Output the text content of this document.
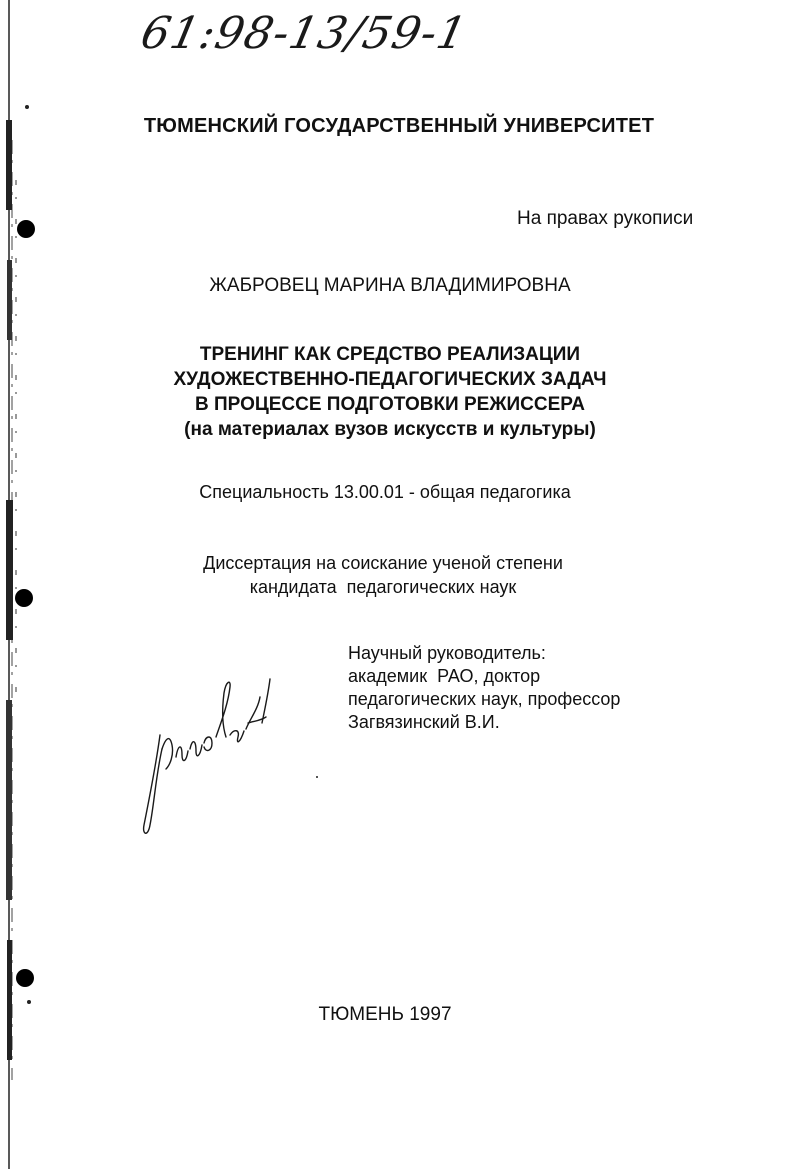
61:98-13/59-1
ТЮМЕНСКИЙ ГОСУДАРСТВЕННЫЙ УНИВЕРСИТЕТ
На правах рукописи
ЖАБРОВЕЦ МАРИНА ВЛАДИМИРОВНА
ТРЕНИНГ КАК СРЕДСТВО РЕАЛИЗАЦИИ
ХУДОЖЕСТВЕННО-ПЕДАГОГИЧЕСКИХ ЗАДАЧ
В ПРОЦЕССЕ ПОДГОТОВКИ РЕЖИССЕРА
(на материалах вузов искусств и культуры)
Специальность 13.00.01 - общая педагогика
Диссертация на соискание ученой степени
кандидата  педагогических наук
Научный руководитель:
академик  РАО, доктор
педагогических наук, профессор
Загвязинский В.И.
ТЮМЕНЬ 1997
